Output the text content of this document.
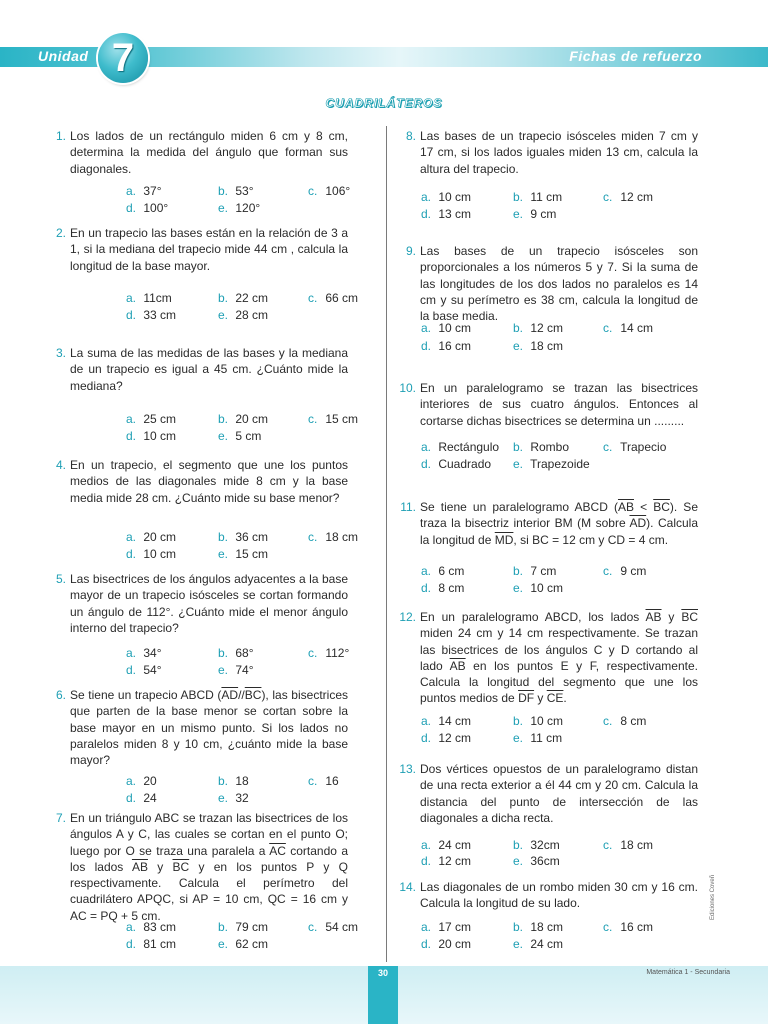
Unidad 7	Fichas de refuerzo
CUADRILÁTEROS
1. Los lados de un rectángulo miden 6 cm y 8 cm, determina la medida del ángulo que forman sus diagonales.
a. 37°	b. 53°	c. 106°
d. 100°	e. 120°
2. En un trapecio las bases están en la relación de 3 a 1, si la mediana del trapecio mide 44 cm , calcula la longitud de la base mayor.
a. 11cm	b. 22 cm	c. 66 cm
d. 33 cm	e. 28 cm
3. La suma de las medidas de las bases y la mediana de un trapecio es igual a 45 cm. ¿Cuánto mide la mediana?
a. 25 cm	b. 20 cm	c. 15 cm
d. 10 cm	e. 5 cm
4. En un trapecio, el segmento que une los puntos medios de las diagonales mide 8 cm y la base media mide 28 cm. ¿Cuánto mide su base menor?
a. 20 cm	b. 36 cm	c. 18 cm
d. 10 cm	e. 15 cm
5. Las bisectrices de los ángulos adyacentes a la base mayor de un trapecio isósceles se cortan formando un ángulo de 112°. ¿Cuánto mide el menor ángulo interno del trapecio?
a. 34°	b. 68°	c. 112°
d. 54°	e. 74°
6. Se tiene un trapecio ABCD $(\overline{AD}//\overline{BC})$, las bisectrices que parten de la base menor se cortan sobre la base mayor en un mismo punto. Si los lados no paralelos miden 8 y 10 cm, ¿cuánto mide la base mayor?
a. 20	b. 18	c. 16
d. 24	e. 32
7. En un triángulo ABC se trazan las bisectrices de los ángulos A y C, las cuales se cortan en el punto O; luego por O se traza una paralela a $\overline{AC}$ cortando a los lados $\overline{AB}$ y $\overline{BC}$ y en los puntos P y Q respectivamente. Calcula el perímetro del cuadrilátero APQC, si AP = 10 cm, QC = 16 cm y AC = PQ + 5 cm.
a. 83 cm	b. 79 cm	c. 54 cm
d. 81 cm	e. 62 cm
8. Las bases de un trapecio isósceles miden 7 cm y 17 cm, si los lados iguales miden 13 cm, calcula la altura del trapecio.
a. 10 cm	b. 11 cm	c. 12 cm
d. 13 cm	e. 9 cm
9. Las bases de un trapecio isósceles son proporcionales a los números 5 y 7. Si la suma de las longitudes de los dos lados no paralelos es 14 cm y su perímetro es 38 cm, calcula la longitud de la base media.
a. 10 cm	b. 12 cm	c. 14 cm
d. 16 cm	e. 18 cm
10. En un paralelogramo se trazan las bisectrices interiores de sus cuatro ángulos. Entonces al cortarse dichas bisectrices se determina un .........
a. Rectángulo b. Rombo	c. Trapecio
d. Cuadrado e. Trapezoide
11. Se tiene un paralelogramo ABCD $(\overline{AB} < \overline{BC})$. Se traza la bisectriz interior BM (M sobre $\overline{AD}$). Calcula la longitud de $\overline{MD}$, si BC = 12 cm y CD = 4 cm.
a. 6 cm	b. 7 cm	c. 9 cm
d. 8 cm	e. 10 cm
12. En un paralelogramo ABCD, los lados $\overline{AB}$ y $\overline{BC}$ miden 24 cm y 14 cm respectivamente. Se trazan las bisectrices de los ángulos C y D cortando al lado $\overline{AB}$ en los puntos E y F, respectivamente. Calcula la longitud del segmento que une los puntos medios de $\overline{DF}$ y $\overline{CE}$.
a. 14 cm	b. 10 cm	c. 8 cm
d. 12 cm	e. 11 cm
13. Dos vértices opuestos de un paralelogramo distan de una recta exterior a él 44 cm y 20 cm. Calcula la distancia del punto de intersección de las diagonales a dicha recta.
a. 24 cm	b. 32cm	c. 18 cm
d. 12 cm	e. 36cm
14. Las diagonales de un rombo miden 30 cm y 16 cm. Calcula la longitud de su lado.
a. 17 cm	b. 18 cm	c. 16 cm
d. 20 cm	e. 24 cm
Ediciones Coveñ
30	Matemática 1 - Secundaria
